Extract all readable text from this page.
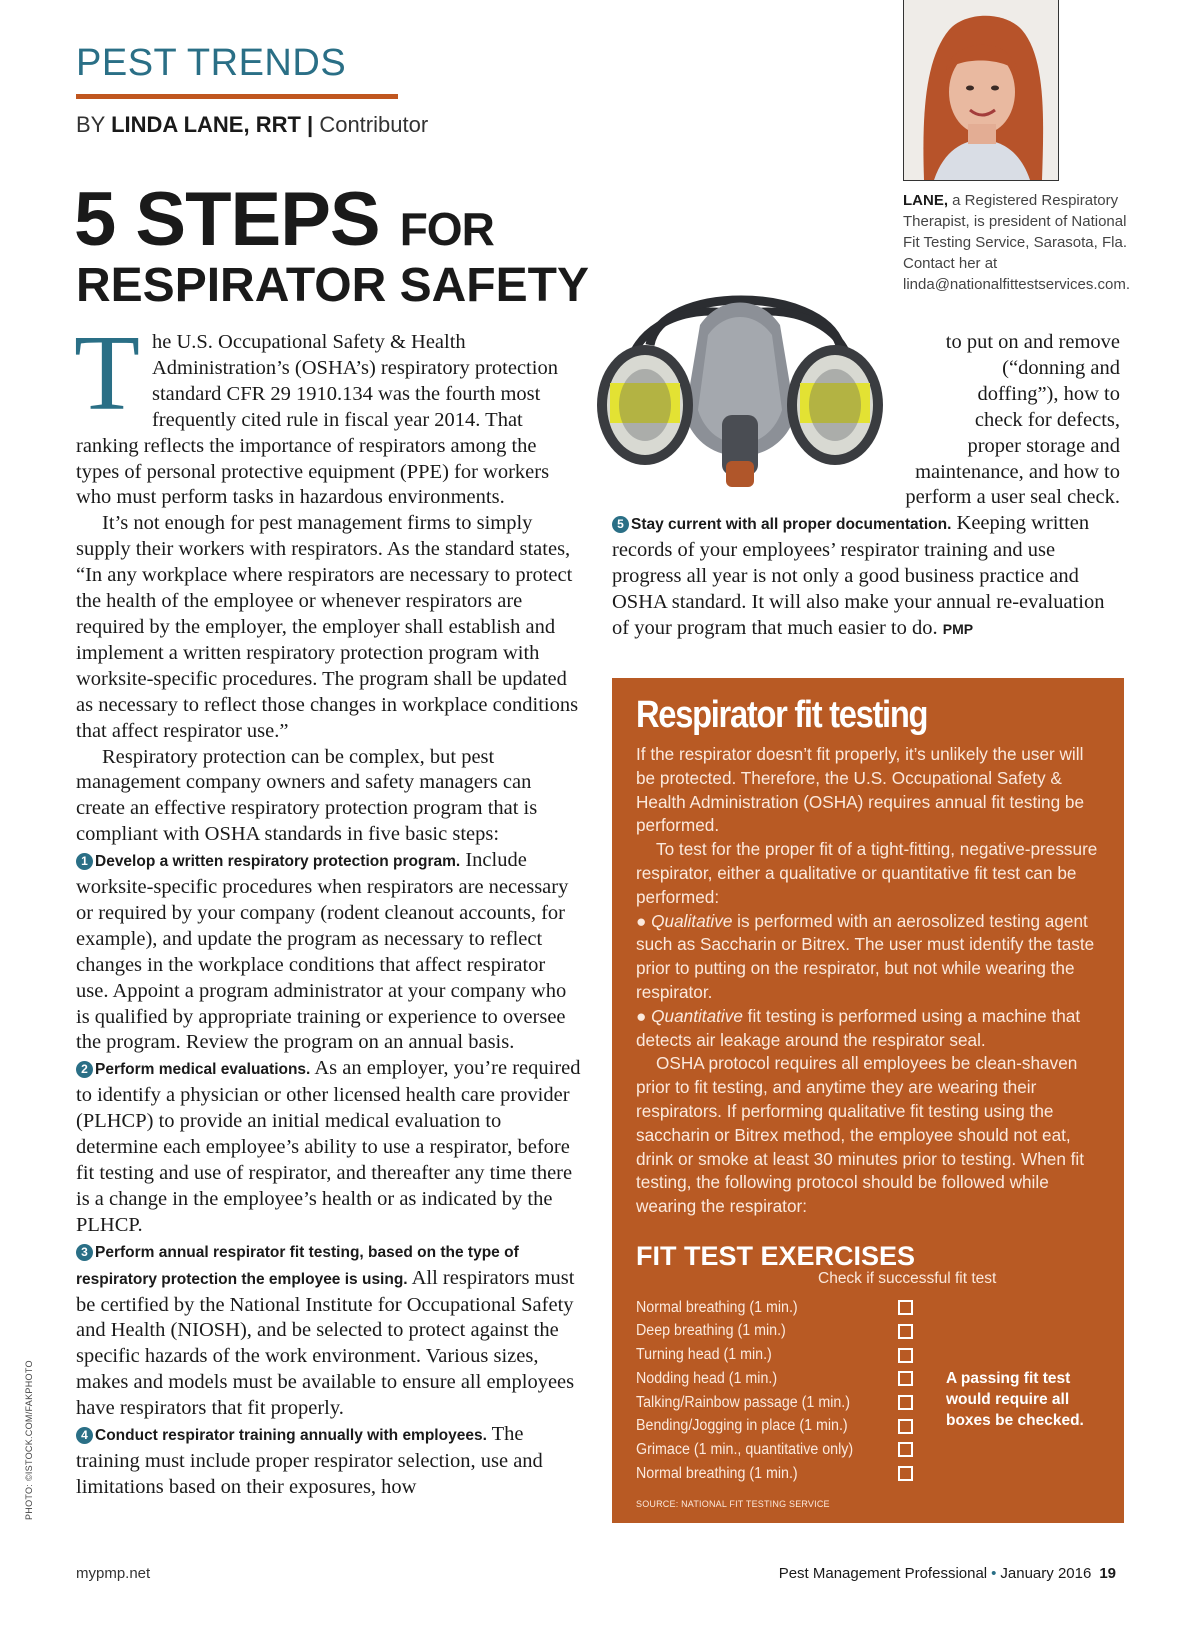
PEST TRENDS
BY LINDA LANE, RRT | Contributor
5 STEPS FOR
RESPIRATOR SAFETY
LANE, a Registered Respiratory Therapist, is president of National Fit Testing Service, Sarasota, Fla. Contact her at linda@nationalfittestservices.com.

The U.S. Occupational Safety & Health Administration’s (OSHA’s) respiratory protection standard CFR 29 1910.134 was the fourth most frequently cited rule in fiscal year 2014. That ranking reflects the importance of respirators among the types of personal protective equipment (PPE) for workers who must perform tasks in hazardous environments.

It’s not enough for pest management firms to simply supply their workers with respirators. As the standard states, “In any workplace where respirators are necessary to protect the health of the employee or whenever respirators are required by the employer, the employer shall establish and implement a written respiratory protection program with worksite-specific procedures. The program shall be updated as necessary to reflect those changes in workplace conditions that affect respirator use.”

Respiratory protection can be complex, but pest management company owners and safety managers can create an effective respiratory protection program that is compliant with OSHA standards in five basic steps:

1 Develop a written respiratory protection program. Include worksite-specific procedures when respirators are necessary or required by your company (rodent cleanout accounts, for example), and update the program as necessary to reflect changes in the workplace conditions that affect respirator use. Appoint a program administrator at your company who is qualified by appropriate training or experience to oversee the program. Review the program on an annual basis.

2 Perform medical evaluations. As an employer, you’re required to identify a physician or other licensed health care provider (PLHCP) to provide an initial medical evaluation to determine each employee’s ability to use a respirator, before fit testing and use of respirator, and thereafter any time there is a change in the employee’s health or as indicated by the PLHCP.

3 Perform annual respirator fit testing, based on the type of respiratory protection the employee is using. All respirators must be certified by the National Institute for Occupational Safety and Health (NIOSH), and be selected to protect against the specific hazards of the work environment. Various sizes, makes and models must be available to ensure all employees have respirators that fit properly.

4 Conduct respirator training annually with employees. The training must include proper respirator selection, use and limitations based on their exposures, how

to put on and remove
(“donning and
doffing”), how to
check for defects,
proper storage and
maintenance, and how to
perform a user seal check.

5 Stay current with all proper documentation. Keeping written records of your employees’ respirator training and use progress all year is not only a good business practice and OSHA standard. It will also make your annual re-evaluation of your program that much easier to do. PMP

Respirator fit testing

If the respirator doesn’t fit properly, it’s unlikely the user will be protected. Therefore, the U.S. Occupational Safety & Health Administration (OSHA) requires annual fit testing be performed.

To test for the proper fit of a tight-fitting, negative-pressure respirator, either a qualitative or quantitative fit test can be performed:

● Qualitative is performed with an aerosolized testing agent such as Saccharin or Bitrex. The user must identify the taste prior to putting on the respirator, but not while wearing the respirator.

● Quantitative fit testing is performed using a machine that detects air leakage around the respirator seal.

OSHA protocol requires all employees be clean-shaven prior to fit testing, and anytime they are wearing their respirators. If performing qualitative fit testing using the saccharin or Bitrex method, the employee should not eat, drink or smoke at least 30 minutes prior to testing. When fit testing, the following protocol should be followed while wearing the respirator:

FIT TEST EXERCISES
Check if successful fit test
Normal breathing (1 min.)
Deep breathing (1 min.)
Turning head (1 min.)
Nodding head (1 min.)
Talking/Rainbow passage (1 min.)
Bending/Jogging in place (1 min.)
Grimace (1 min., quantitative only)
Normal breathing (1 min.)
A passing fit test would require all boxes be checked.
SOURCE: NATIONAL FIT TESTING SERVICE
PHOTO: ©ISTOCK.COM/FAKPHOTO
mypmp.net	Pest Management Professional • January 2016 19
